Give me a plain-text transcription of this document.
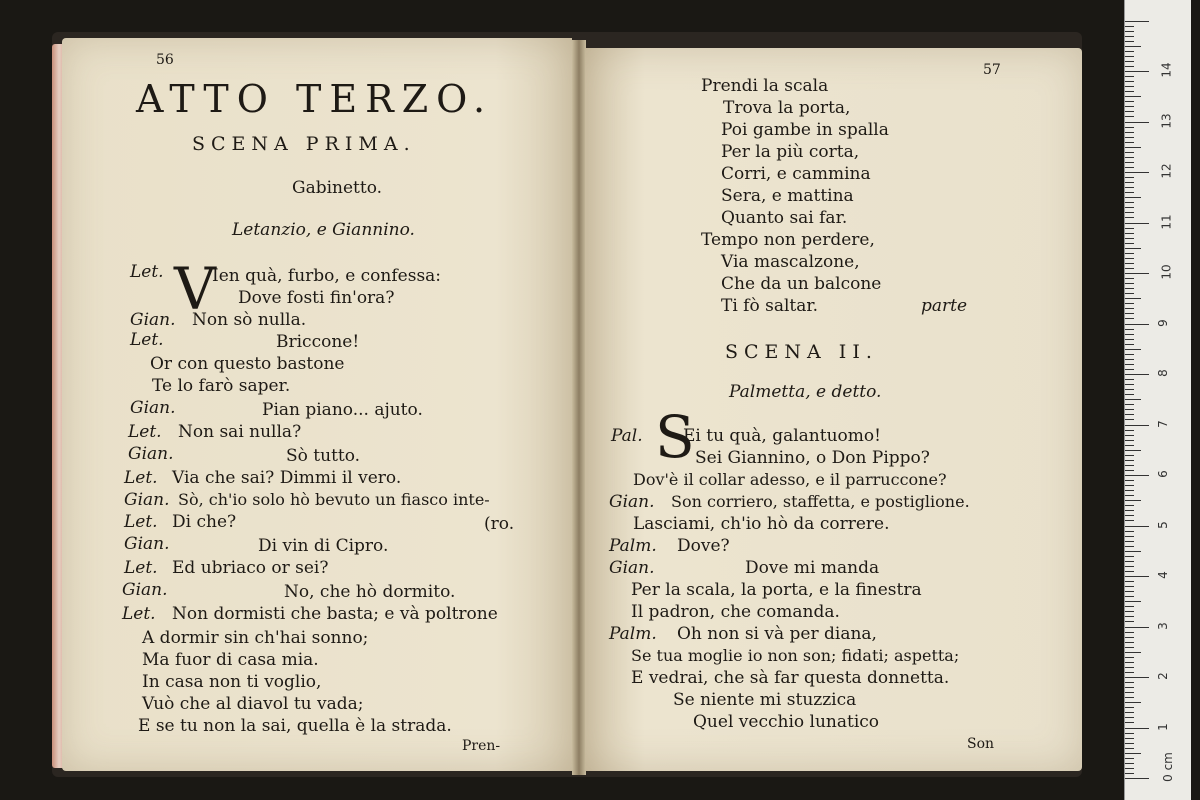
56
ATTO TERZO.
SCENA PRIMA.
Gabinetto.
Letanzio, e Giannino.
V
Let.	Ien quà, furbo, e confessa:
Dove fosti fin'ora?
Gian. Non sò nulla.
Let.	Briccone!
Or con questo bastone
Te lo farò saper.
Gian.	Pian piano... ajuto.
Let. Non sai nulla?
Gian.	Sò tutto.
Let. Via che sai? Dimmi il vero.
Gian. Sò, ch'io solo hò bevuto un fiasco inte-
Let. Di che?	(ro.
Gian.	Di vin di Cipro.
Let. Ed ubriaco or sei?
Gian.	No, che hò dormito.
Let. Non dormisti che basta; e và poltrone
A dormir sin ch'hai sonno;
Ma fuor di casa mia.
In casa non ti voglio,
Vuò che al diavol tu vada;
E se tu non la sai, quella è la strada.
Pren-
57
Prendi la scala
Trova la porta,
Poi gambe in spalla
Per la più corta,
Corri, e cammina
Sera, e mattina
Quanto sai far.
Tempo non perdere,
Via mascalzone,
Che da un balcone
Ti fò saltar.	parte
SCENA II.
Palmetta, e detto.
S
Pal. Ei tu quà, galantuomo!
Sei Giannino, o Don Pippo?
Dov'è il collar adesso, e il parruccone?
Gian. Son corriero, staffetta, e postiglione.
Lasciami, ch'io hò da correre.
Palm. Dove?
Gian.	Dove mi manda
Per la scala, la porta, e la finestra
Il padron, che comanda.
Palm. Oh non si và per diana,
Se tua moglie io non son; fidati; aspetta;
E vedrai, che sà far questa donnetta.
Se niente mi stuzzica
Quel vecchio lunatico
Son
0 cm
1
2
3
4
5
6
7
8
9
10
11
12
13
14
